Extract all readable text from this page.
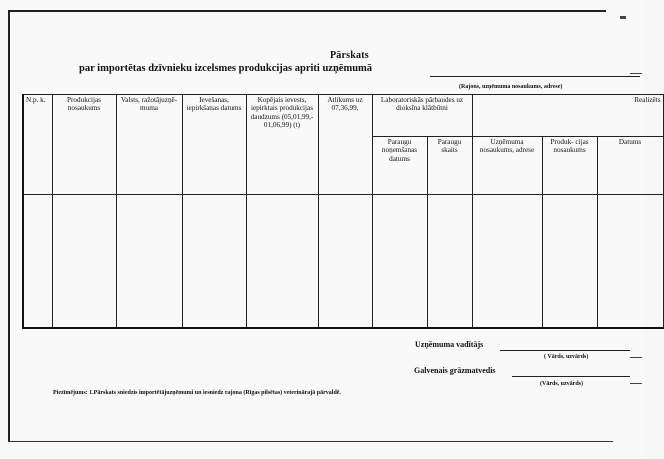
Pārskats
par importētas dzīvnieku izcelsmes produkcijas apriti uzņēmumā
(Rajons, uzņēmuma nosaukums, adrese)
N.p. k.	Produkcijas nosaukums	Valsts, ražotājuzņē- muma	Ievešanas, iepirkšanas datums	Kopējais ievests, iepirktais produkcijas daudzums (05,01,99,- 01,06,99) (t)	Atlikums uz 07,36,99,	Laboratoriskās pārbaudes uz dioksīna klātbūtni		Realizēts		
						Paraugu noņemšanas datums	Paraugu skaits	Uzņēmuma nosaukums, adrese	Produk- cijas nosaukums	Datums

Uzņēmuma vadītājs
( Vārds, uzvārds)
Galvenais grāzmatvedis
(Vārds, uzvārds)
Piezīmējums: 1.Pārskats sniedzis importētājuzņēmumi un iesniedz rajona (Rīgas pilsētas) veterinārajā pārvaldē.
